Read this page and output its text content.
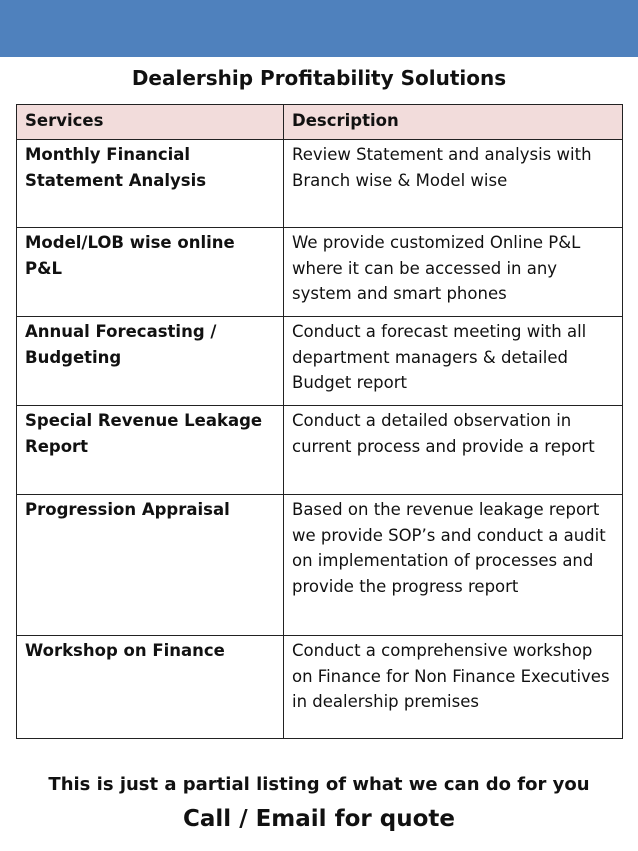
Dealership Profitability Solutions
Services	Description
Monthly Financial Statement Analysis	Review Statement and analysis with Branch wise & Model wise
Model/LOB wise online P&L	We provide customized Online P&L where it can be accessed in any system and smart phones
Annual Forecasting / Budgeting	Conduct a forecast meeting with all department managers & detailed Budget report
Special Revenue Leakage Report	Conduct a detailed observation in current process and provide a report
Progression Appraisal	Based on the revenue leakage report we provide SOP’s and conduct a audit on implementation of processes and provide the progress report
Workshop on Finance	Conduct a comprehensive workshop on Finance for Non Finance Executives in dealership premises
This is just a partial listing of what we can do for you
Call / Email for quote
